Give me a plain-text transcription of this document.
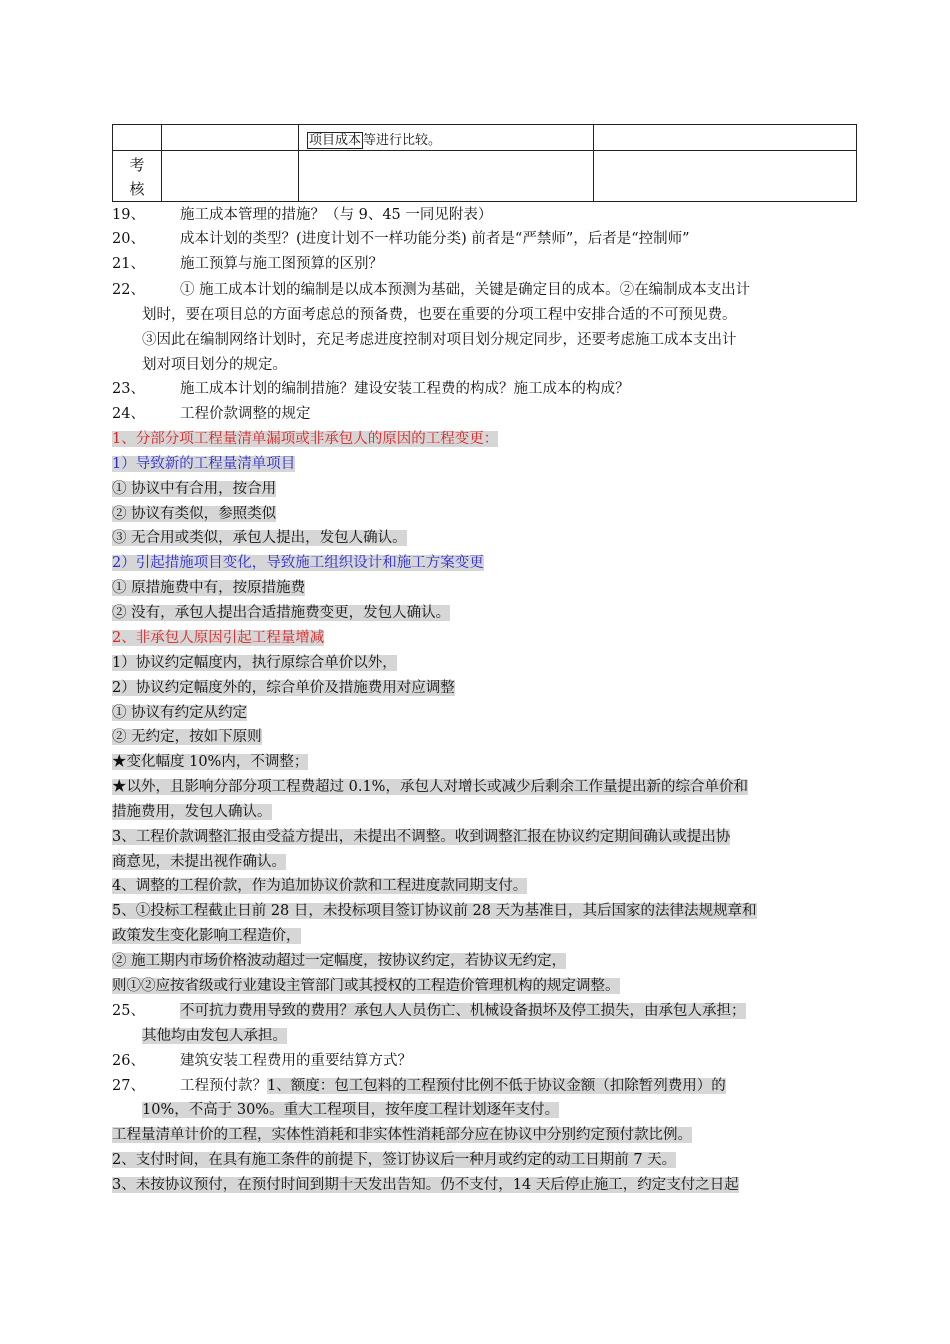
		项目成本 等进行比较。	

考
核			

19、 施工成本管理的措施？（与 9、45 一同见附表）
20、 成本计划的类型？(进度计划不一样功能分类) 前者是“严禁师”，后者是“控制师”
21、 施工预算与施工图预算的区别？
22、 ① 施工成本计划的编制是以成本预测为基础，关键是确定目的成本。②在编制成本支出计
划时，要在项目总的方面考虑总的预备费，也要在重要的分项工程中安排合适的不可预见费。
③因此在编制网络计划时，充足考虑进度控制对项目划分规定同步，还要考虑施工成本支出计
划对项目划分的规定。
23、 施工成本计划的编制措施？建设安装工程费的构成？施工成本的构成？
24、 工程价款调整的规定
1、分部分项工程量清单漏项或非承包人的原因的工程变更：
1）导致新的工程量清单项目
① 协议中有合用，按合用
② 协议有类似，参照类似
③ 无合用或类似，承包人提出，发包人确认。
2）引起措施项目变化，导致施工组织设计和施工方案变更
① 原措施费中有，按原措施费
② 没有，承包人提出合适措施费变更，发包人确认。
2、非承包人原因引起工程量增减
1）协议约定幅度内，执行原综合单价以外，
2）协议约定幅度外的，综合单价及措施费用对应调整
① 协议有约定从约定
② 无约定，按如下原则
★变化幅度 10%内，不调整；
★以外，且影响分部分项工程费超过 0.1%，承包人对增长或减少后剩余工作量提出新的综合单价和
措施费用，发包人确认。
3、工程价款调整汇报由受益方提出，未提出不调整。收到调整汇报在协议约定期间确认或提出协
商意见，未提出视作确认。
4、调整的工程价款，作为追加协议价款和工程进度款同期支付。
5、①投标工程截止日前 28 日，未投标项目签订协议前 28 天为基准日，其后国家的法律法规规章和
政策发生变化影响工程造价，
② 施工期内市场价格波动超过一定幅度，按协议约定，若协议无约定，
则①②应按省级或行业建设主管部门或其授权的工程造价管理机构的规定调整。
25、 不可抗力费用导致的费用？承包人人员伤亡、机械设备损坏及停工损失，由承包人承担；
其他均由发包人承担。
26、 建筑安装工程费用的重要结算方式？
27、 工程预付款？1、额度：包工包料的工程预付比例不低于协议金额（扣除暂列费用）的
10%，不高于 30%。重大工程项目，按年度工程计划逐年支付。
工程量清单计价的工程，实体性消耗和非实体性消耗部分应在协议中分别约定预付款比例。
2、支付时间，在具有施工条件的前提下，签订协议后一种月或约定的动工日期前 7 天。
3、未按协议预付，在预付时间到期十天发出告知。仍不支付，14 天后停止施工，约定支付之日起
